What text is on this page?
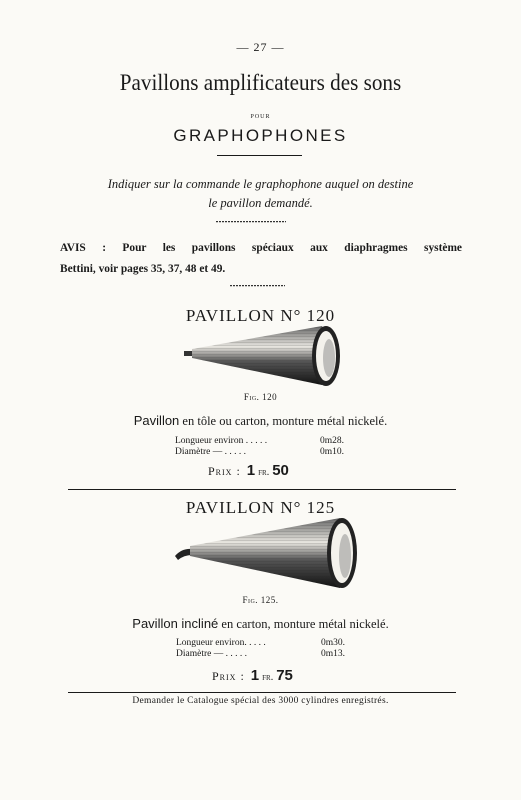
— 27 —
Pavillons amplificateurs des sons
POUR
GRAPHOPHONES
Indiquer sur la commande le graphophone auquel on destine
le pavillon demandé.
AVIS : Pour les pavillons spéciaux aux diaphragmes système
Bettini, voir pages 35, 37, 48 et 49.
PAVILLON N° 120
Fig. 120
Pavillon en tôle ou carton, monture métal nickelé.
Longueur environ . . . . .	0m28.
Diamètre — . . . . .	0m10.
Prix : 1 fr. 50
PAVILLON N° 125
Fig. 125.
Pavillon incliné en carton, monture métal nickelé.
Longueur environ. . . . .	0m30.
Diamètre — . . . . .	0m13.
Prix : 1 fr. 75
Demander le Catalogue spécial des 3000 cylindres enregistrés.
